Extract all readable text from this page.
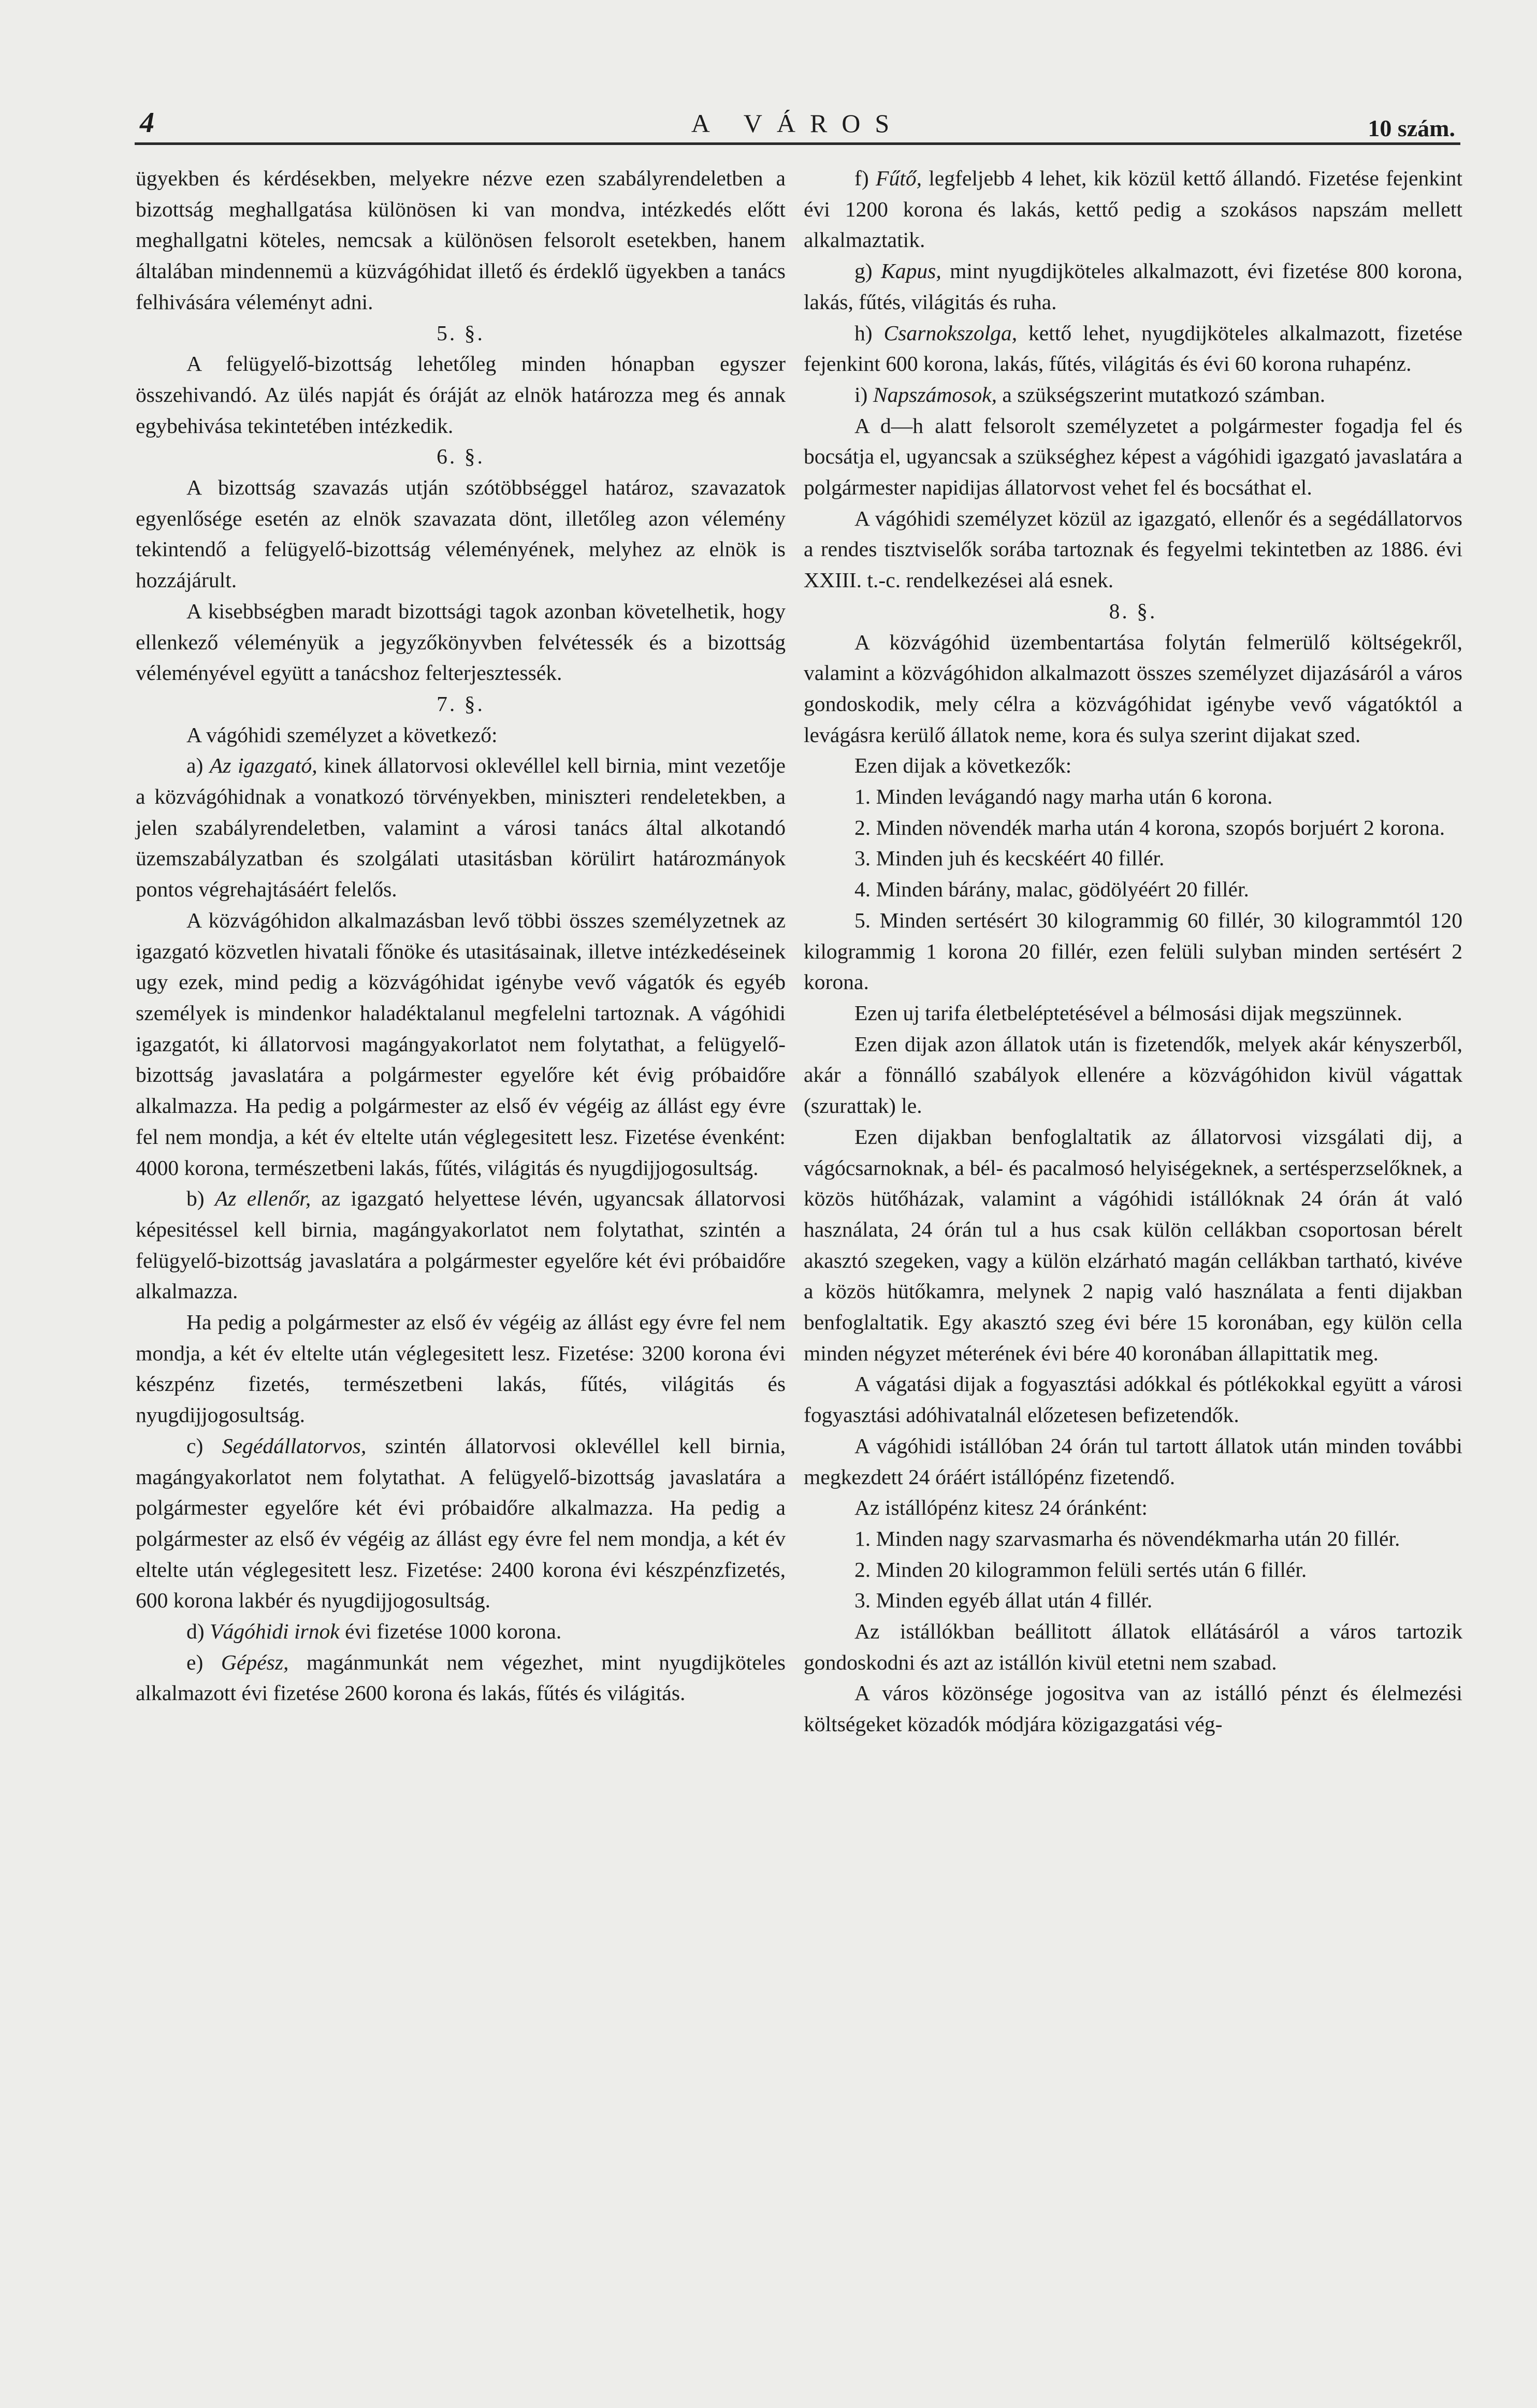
4	A VÁROS	10 szám.

ügyekben és kérdésekben, melyekre nézve ezen szabályrendeletben a bizottság meghallgatása különösen ki van mondva, intézkedés előtt meghallgatni köteles, nemcsak a különösen felsorolt esetekben, hanem általában mindennemü a küzvágóhidat illető és érdeklő ügyekben a tanács felhivására véleményt adni.

5. §.

A felügyelő-bizottság lehetőleg minden hónapban egyszer összehivandó. Az ülés napját és óráját az elnök határozza meg és annak egybehivása tekintetében intézkedik.

6. §.

A bizottság szavazás utján szótöbbséggel határoz, szavazatok egyenlősége esetén az elnök szavazata dönt, illetőleg azon vélemény tekintendő a felügyelő-bizottság véleményének, melyhez az elnök is hozzájárult.

A kisebbségben maradt bizottsági tagok azonban követelhetik, hogy ellenkező véleményük a jegyzőkönyvben felvétessék és a bizottság véleményével együtt a tanácshoz felterjesztessék.

7. §.

A vágóhidi személyzet a következő:

a) Az igazgató, kinek állatorvosi oklevéllel kell birnia, mint vezetője a közvágóhidnak a vonatkozó törvényekben, miniszteri rendeletekben, a jelen szabályrendeletben, valamint a városi tanács által alkotandó üzemszabályzatban és szolgálati utasitásban körülirt határozmányok pontos végrehajtásáért felelős.

A közvágóhidon alkalmazásban levő többi összes személyzetnek az igazgató közvetlen hivatali főnöke és utasitásainak, illetve intézkedéseinek ugy ezek, mind pedig a közvágóhidat igénybe vevő vágatók és egyéb személyek is mindenkor haladéktalanul megfelelni tartoznak. A vágóhidi igazgatót, ki állatorvosi magángyakorlatot nem folytathat, a felügyelő-bizottság javaslatára a polgármester egyelőre két évig próbaidőre alkalmazza. Ha pedig a polgármester az első év végéig az állást egy évre fel nem mondja, a két év eltelte után véglegesitett lesz. Fizetése évenként: 4000 korona, természetbeni lakás, fűtés, világitás és nyugdijjogosultság.

b) Az ellenőr, az igazgató helyettese lévén, ugyancsak állatorvosi képesitéssel kell birnia, magángyakorlatot nem folytathat, szintén a felügyelő-bizottság javaslatára a polgármester egyelőre két évi próbaidőre alkalmazza.

Ha pedig a polgármester az első év végéig az állást egy évre fel nem mondja, a két év eltelte után véglegesitett lesz. Fizetése: 3200 korona évi készpénz fizetés, természetbeni lakás, fűtés, világitás és nyugdijjogosultság.

c) Segédállatorvos, szintén állatorvosi oklevéllel kell birnia, magángyakorlatot nem folytathat. A felügyelő-bizottság javaslatára a polgármester egyelőre két évi próbaidőre alkalmazza. Ha pedig a polgármester az első év végéig az állást egy évre fel nem mondja, a két év eltelte után véglegesitett lesz. Fizetése: 2400 korona évi készpénzfizetés, 600 korona lakbér és nyugdijjogosultság.

d) Vágóhidi irnok évi fizetése 1000 korona.

e) Gépész, magánmunkát nem végezhet, mint nyugdijköteles alkalmazott évi fizetése 2600 korona és lakás, fűtés és világitás.

f) Fűtő, legfeljebb 4 lehet, kik közül kettő állandó. Fizetése fejenkint évi 1200 korona és lakás, kettő pedig a szokásos napszám mellett alkalmaztatik.

g) Kapus, mint nyugdijköteles alkalmazott, évi fizetése 800 korona, lakás, fűtés, világitás és ruha.

h) Csarnokszolga, kettő lehet, nyugdijköteles alkalmazott, fizetése fejenkint 600 korona, lakás, fűtés, világitás és évi 60 korona ruhapénz.

i) Napszámosok, a szükségszerint mutatkozó számban.

A d—h alatt felsorolt személyzetet a polgármester fogadja fel és bocsátja el, ugyancsak a szükséghez képest a vágóhidi igazgató javaslatára a polgármester napidijas állatorvost vehet fel és bocsáthat el.

A vágóhidi személyzet közül az igazgató, ellenőr és a segédállatorvos a rendes tisztviselők sorába tartoznak és fegyelmi tekintetben az 1886. évi XXIII. t.-c. rendelkezései alá esnek.

8. §.

A közvágóhid üzembentartása folytán felmerülő költségekről, valamint a közvágóhidon alkalmazott összes személyzet dijazásáról a város gondoskodik, mely célra a közvágóhidat igénybe vevő vágatóktól a levágásra kerülő állatok neme, kora és sulya szerint dijakat szed.

Ezen dijak a következők:

1. Minden levágandó nagy marha után 6 korona.

2. Minden növendék marha után 4 korona, szopós borjuért 2 korona.

3. Minden juh és kecskéért 40 fillér.

4. Minden bárány, malac, gödölyéért 20 fillér.

5. Minden sertésért 30 kilogrammig 60 fillér, 30 kilogrammtól 120 kilogrammig 1 korona 20 fillér, ezen felüli sulyban minden sertésért 2 korona.

Ezen uj tarifa életbeléptetésével a bélmosási dijak megszünnek.

Ezen dijak azon állatok után is fizetendők, melyek akár kényszerből, akár a fönnálló szabályok ellenére a közvágóhidon kivül vágattak (szurattak) le.

Ezen dijakban benfoglaltatik az állatorvosi vizsgálati dij, a vágócsarnoknak, a bél- és pacalmosó helyiségeknek, a sertésperzselőknek, a közös hütőházak, valamint a vágóhidi istállóknak 24 órán át való használata, 24 órán tul a hus csak külön cellákban csoportosan bérelt akasztó szegeken, vagy a külön elzárható magán cellákban tartható, kivéve a közös hütőkamra, melynek 2 napig való használata a fenti dijakban benfoglaltatik. Egy akasztó szeg évi bére 15 koronában, egy külön cella minden négyzet méterének évi bére 40 koronában állapittatik meg.

A vágatási dijak a fogyasztási adókkal és pótlékokkal együtt a városi fogyasztási adóhivatalnál előzetesen befizetendők.

A vágóhidi istállóban 24 órán tul tartott állatok után minden további megkezdett 24 óráért istállópénz fizetendő.

Az istállópénz kitesz 24 óránként:

1. Minden nagy szarvasmarha és növendékmarha után 20 fillér.

2. Minden 20 kilogrammon felüli sertés után 6 fillér.

3. Minden egyéb állat után 4 fillér.

Az istállókban beállitott állatok ellátásáról a város tartozik gondoskodni és azt az istállón kivül etetni nem szabad.

A város közönsége jogositva van az istálló pénzt és élelmezési költségeket közadók módjára közigazgatási vég-
